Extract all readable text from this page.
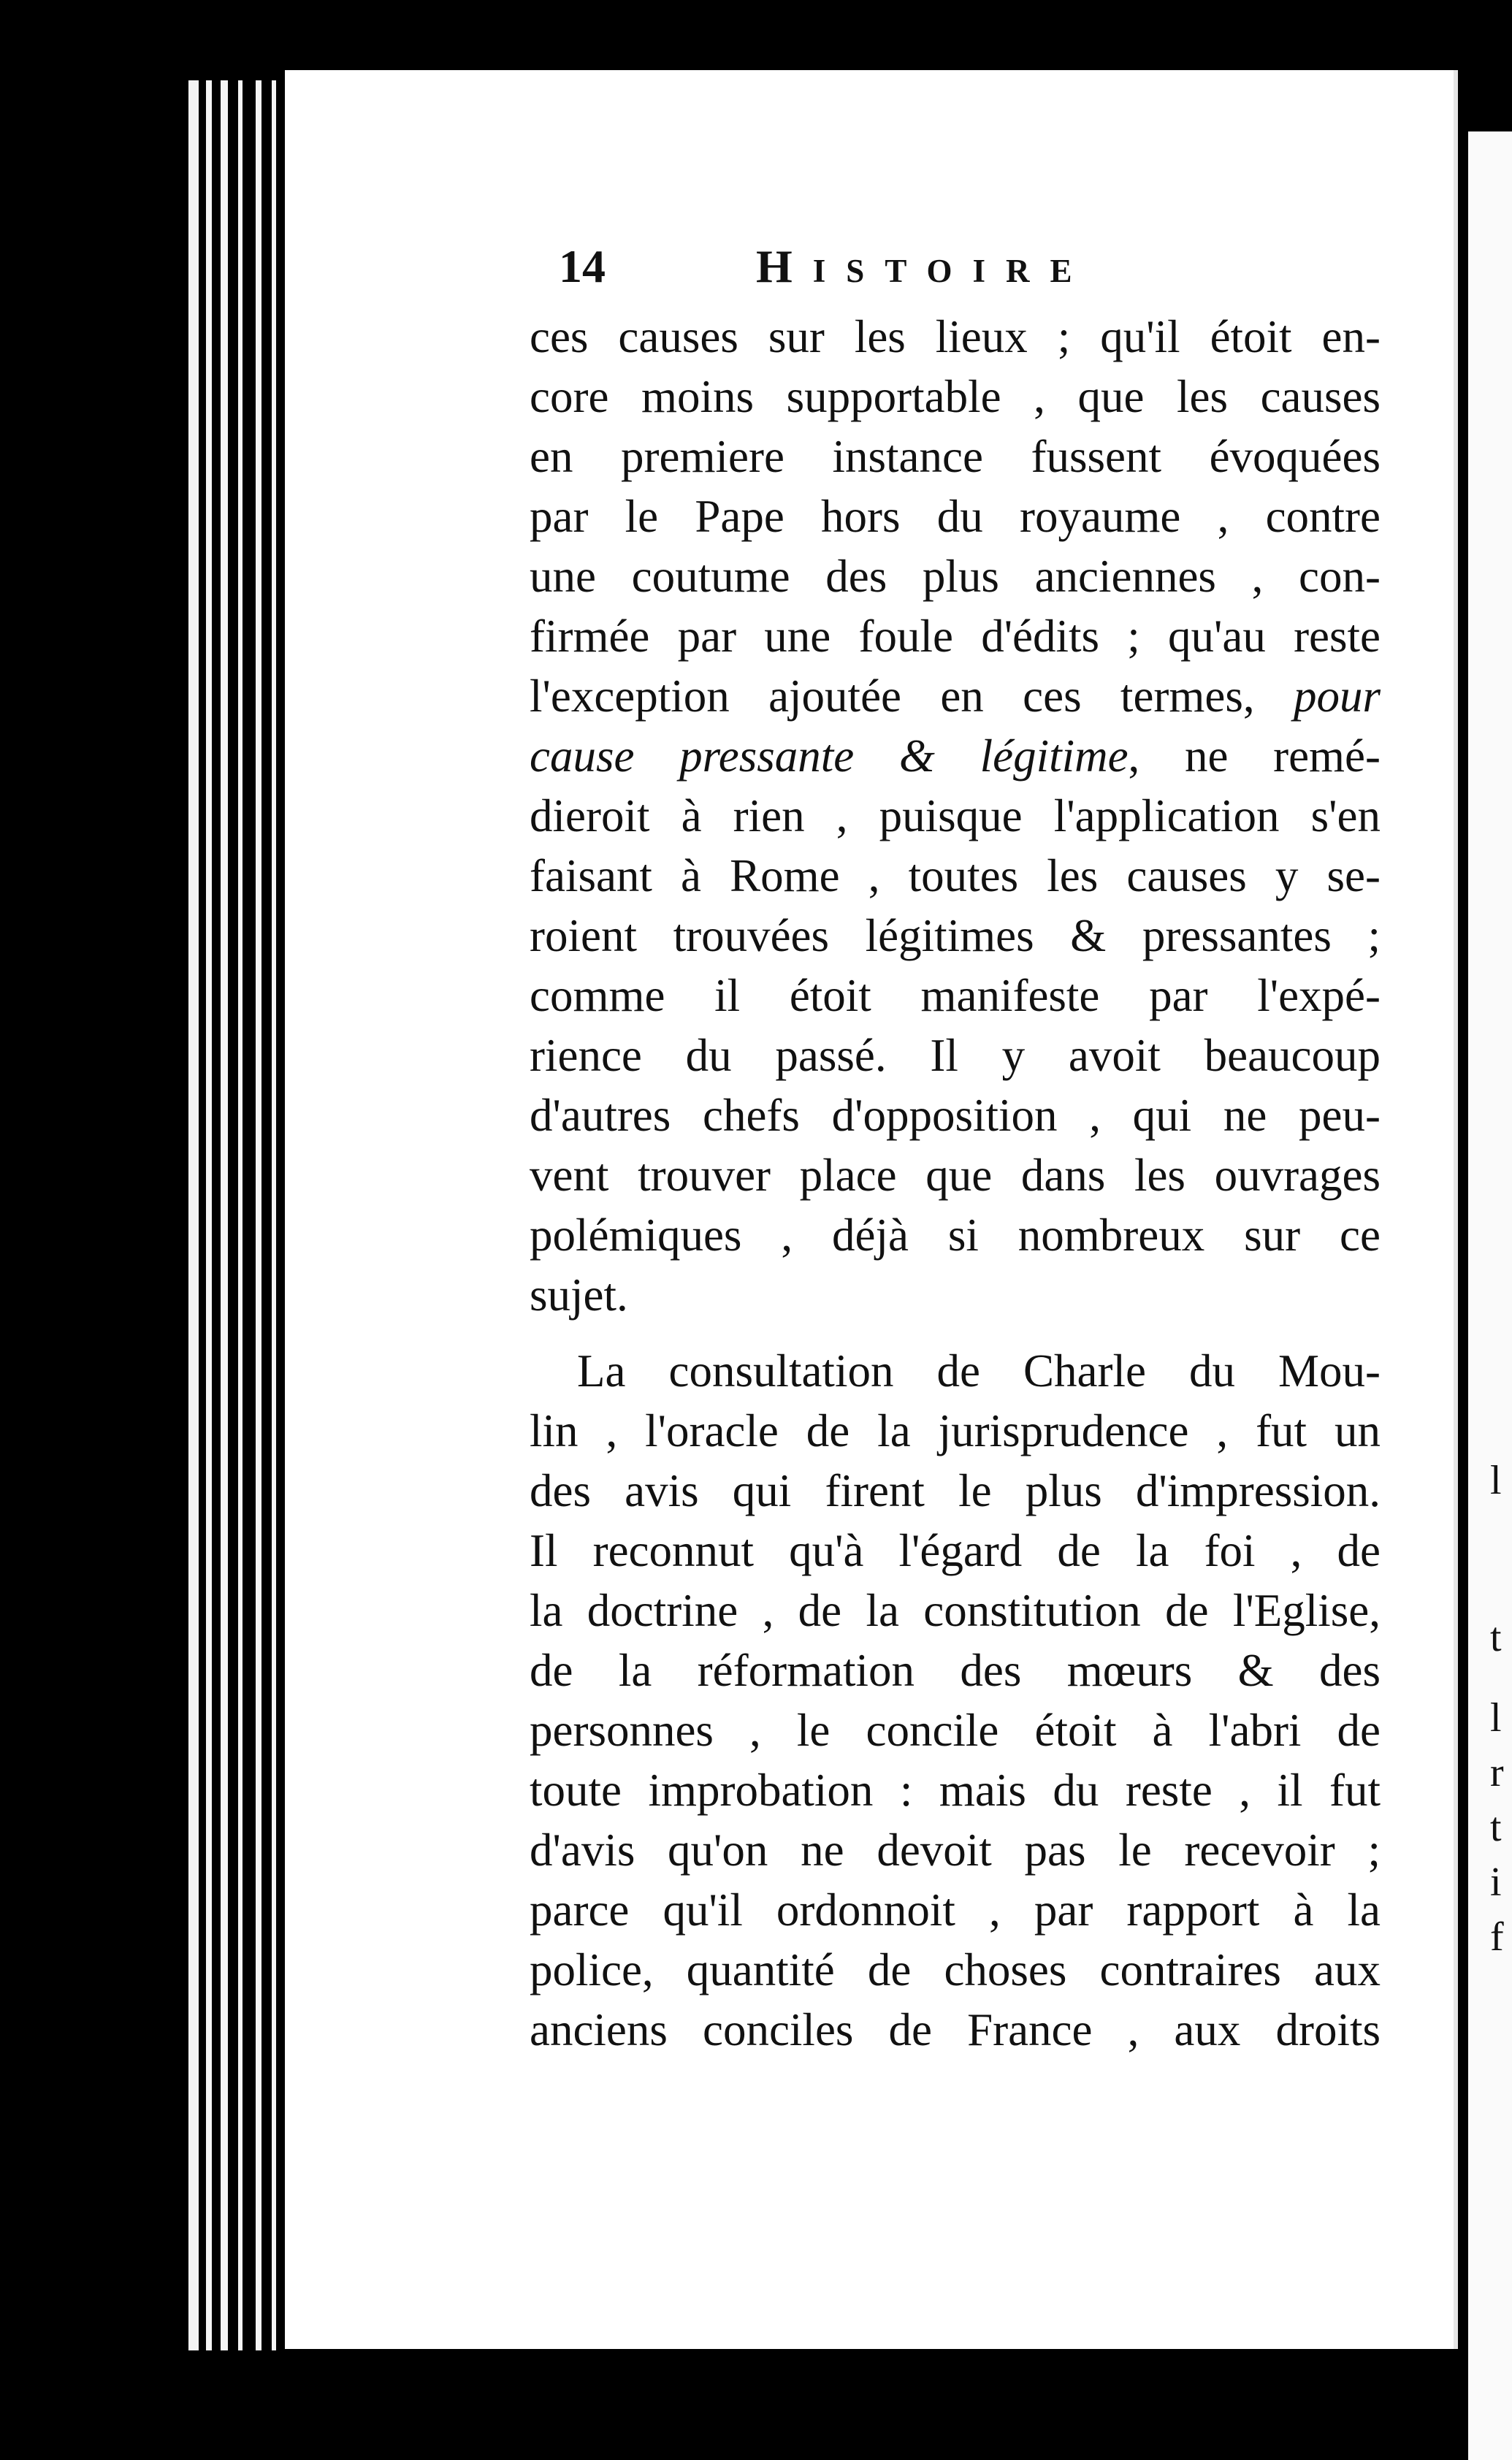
l
t
l
r
t
i
f
14	Histoire
ces causes sur les lieux ; qu'il étoit en-
core moins supportable , que les causes
en premiere instance fussent évoquées
par le Pape hors du royaume , contre
une coutume des plus anciennes , con-
firmée par une foule d'édits ; qu'au reste
l'exception ajoutée en ces termes, pour
cause pressante & légitime, ne remé-
dieroit à rien , puisque l'application s'en
faisant à Rome , toutes les causes y se-
roient trouvées légitimes & pressantes ;
comme il étoit manifeste par l'expé-
rience du passé. Il y avoit beaucoup
d'autres chefs d'opposition , qui ne peu-
vent trouver place que dans les ouvrages
polémiques , déjà si nombreux sur ce
sujet.
La consultation de Charle du Mou-
lin , l'oracle de la jurisprudence , fut un
des avis qui firent le plus d'impression.
Il reconnut qu'à l'égard de la foi , de
la doctrine , de la constitution de l'Eglise,
de la réformation des mœurs & des
personnes , le concile étoit à l'abri de
toute improbation : mais du reste , il fut
d'avis qu'on ne devoit pas le recevoir ;
parce qu'il ordonnoit , par rapport à la
police, quantité de choses contraires aux
anciens conciles de France , aux droits
